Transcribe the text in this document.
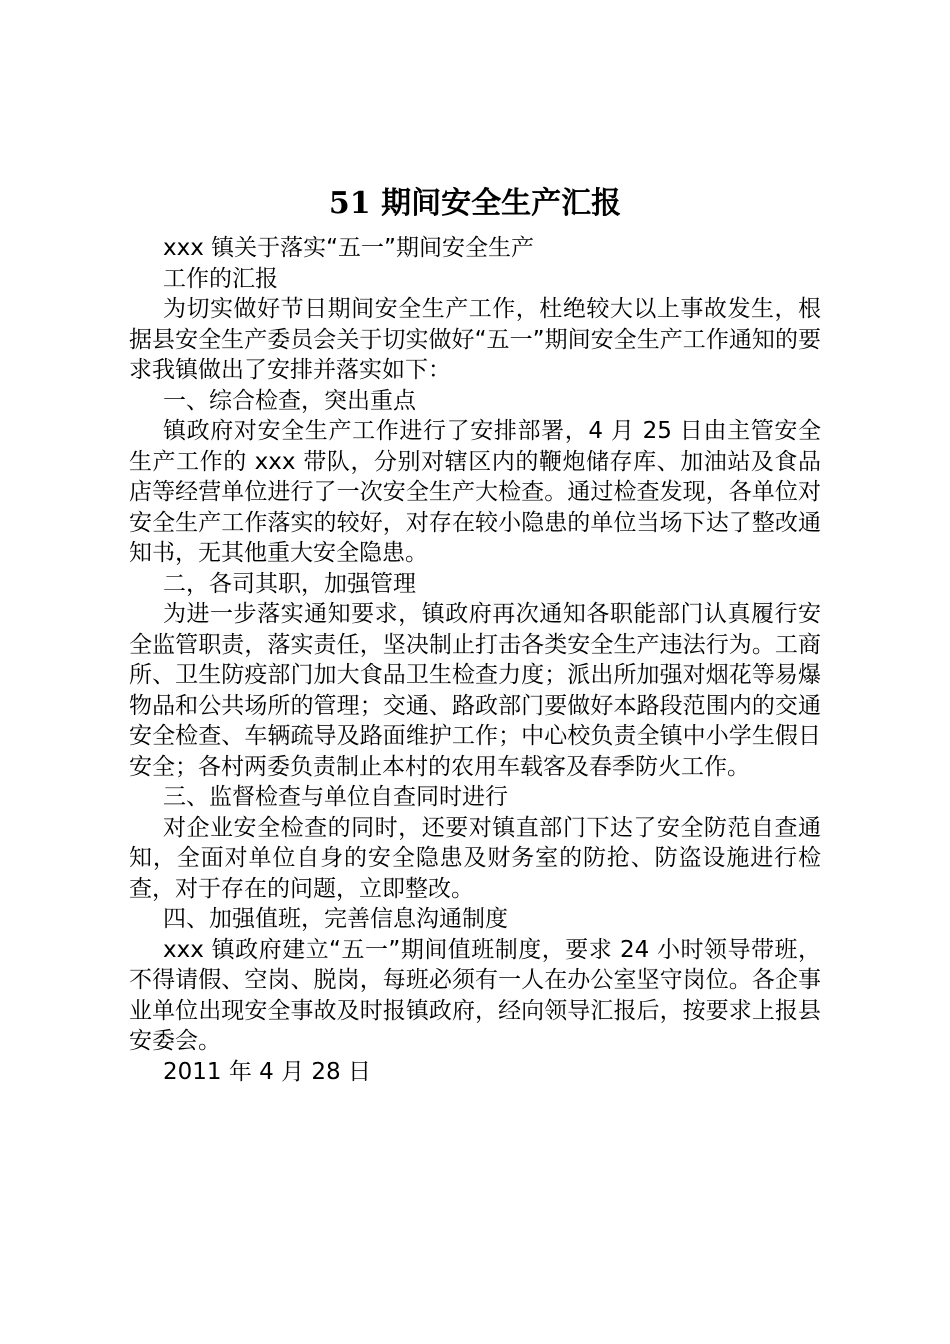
51 期间安全生产汇报

xxx 镇关于落实“五一”期间安全生产

工作的汇报

为切实做好节日期间安全生产工作，杜绝较大以上事故发生，根据县安全生产委员会关于切实做好“五一”期间安全生产工作通知的要求我镇做出了安排并落实如下：

一、综合检查，突出重点

镇政府对安全生产工作进行了安排部署，4 月 25 日由主管安全生产工作的 xxx 带队，分别对辖区内的鞭炮储存库、加油站及食品店等经营单位进行了一次安全生产大检查。通过检查发现，各单位对安全生产工作落实的较好，对存在较小隐患的单位当场下达了整改通知书，无其他重大安全隐患。

二，各司其职，加强管理

为进一步落实通知要求，镇政府再次通知各职能部门认真履行安全监管职责，落实责任，坚决制止打击各类安全生产违法行为。工商所、卫生防疫部门加大食品卫生检查力度；派出所加强对烟花等易爆物品和公共场所的管理；交通、路政部门要做好本路段范围内的交通安全检查、车辆疏导及路面维护工作；中心校负责全镇中小学生假日安全；各村两委负责制止本村的农用车载客及春季防火工作。

三、监督检查与单位自查同时进行

对企业安全检查的同时，还要对镇直部门下达了安全防范自查通知，全面对单位自身的安全隐患及财务室的防抢、防盗设施进行检查，对于存在的问题，立即整改。

四、加强值班，完善信息沟通制度

xxx 镇政府建立“五一”期间值班制度，要求 24 小时领导带班，不得请假、空岗、脱岗，每班必须有一人在办公室坚守岗位。各企事业单位出现安全事故及时报镇政府，经向领导汇报后，按要求上报县安委会。

2011 年 4 月 28 日
